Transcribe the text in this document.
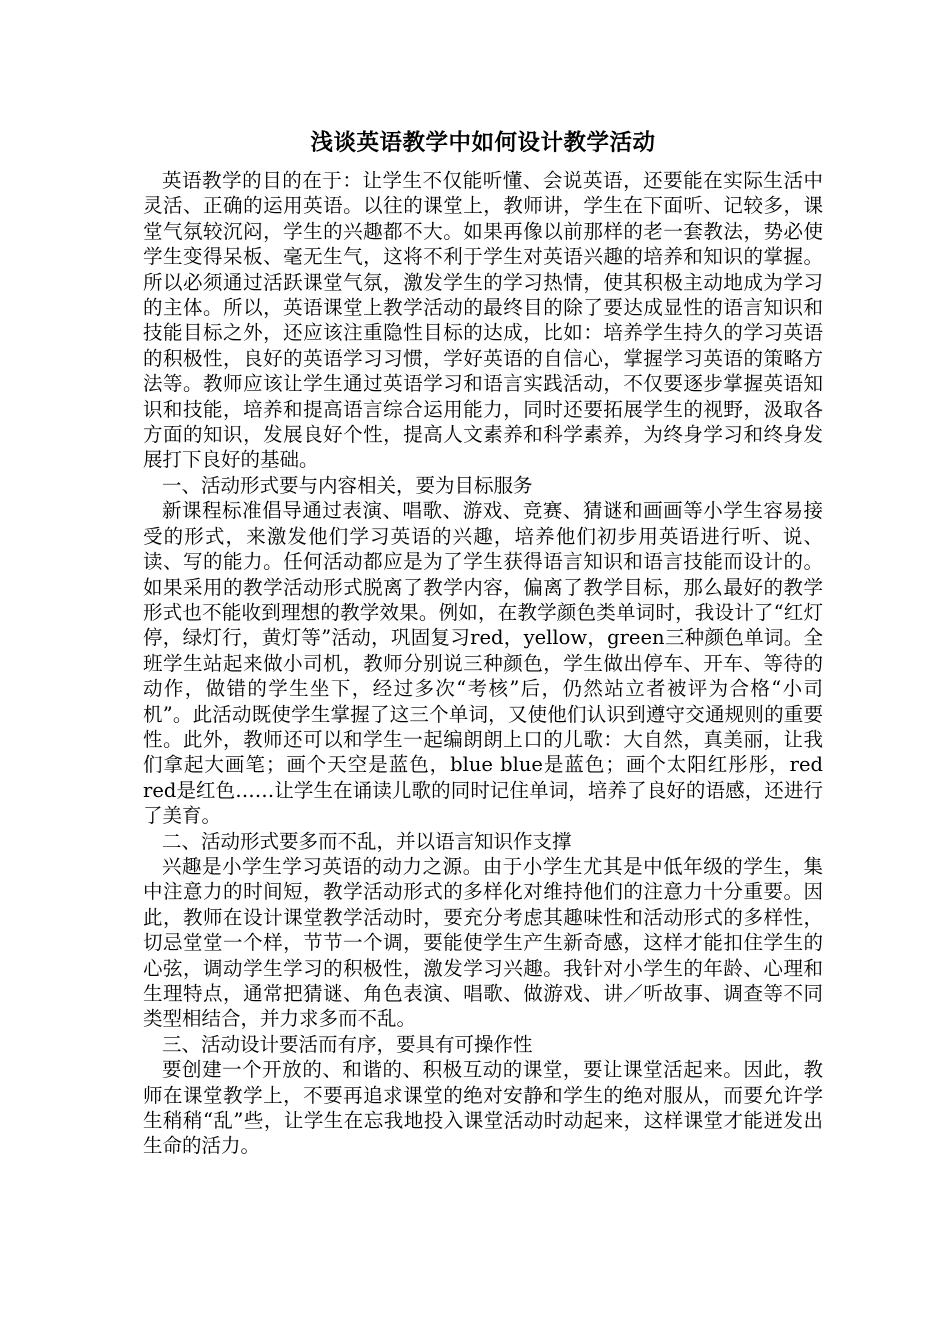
浅谈英语教学中如何设计教学活动

英语教学的目的在于：让学生不仅能听懂、会说英语，还要能在实际生活中灵活、正确的运用英语。以往的课堂上，教师讲，学生在下面听、记较多，课堂气氛较沉闷，学生的兴趣都不大。如果再像以前那样的老一套教法，势必使学生变得呆板、毫无生气，这将不利于学生对英语兴趣的培养和知识的掌握。所以必须通过活跃课堂气氛，激发学生的学习热情，使其积极主动地成为学习的主体。所以，英语课堂上教学活动的最终目的除了要达成显性的语言知识和技能目标之外，还应该注重隐性目标的达成，比如：培养学生持久的学习英语的积极性，良好的英语学习习惯，学好英语的自信心，掌握学习英语的策略方法等。教师应该让学生通过英语学习和语言实践活动，不仅要逐步掌握英语知识和技能，培养和提高语言综合运用能力，同时还要拓展学生的视野，汲取各方面的知识，发展良好个性，提高人文素养和科学素养，为终身学习和终身发展打下良好的基础。

一、活动形式要与内容相关，要为目标服务

新课程标准倡导通过表演、唱歌、游戏、竞赛、猜谜和画画等小学生容易接受的形式，来激发他们学习英语的兴趣，培养他们初步用英语进行听、说、读、写的能力。任何活动都应是为了学生获得语言知识和语言技能而设计的。如果采用的教学活动形式脱离了教学内容，偏离了教学目标，那么最好的教学形式也不能收到理想的教学效果。例如，在教学颜色类单词时，我设计了“红灯停，绿灯行，黄灯等”活动，巩固复习red，yellow，green三种颜色单词。全班学生站起来做小司机，教师分别说三种颜色，学生做出停车、开车、等待的动作，做错的学生坐下，经过多次“考核”后，仍然站立者被评为合格“小司机”。此活动既使学生掌握了这三个单词，又使他们认识到遵守交通规则的重要性。此外，教师还可以和学生一起编朗朗上口的儿歌：大自然，真美丽，让我们拿起大画笔；画个天空是蓝色，blue blue是蓝色；画个太阳红彤彤，red red是红色……让学生在诵读儿歌的同时记住单词，培养了良好的语感，还进行了美育。

二、活动形式要多而不乱，并以语言知识作支撑

兴趣是小学生学习英语的动力之源。由于小学生尤其是中低年级的学生，集中注意力的时间短，教学活动形式的多样化对维持他们的注意力十分重要。因此，教师在设计课堂教学活动时，要充分考虑其趣味性和活动形式的多样性，切忌堂堂一个样，节节一个调，要能使学生产生新奇感，这样才能扣住学生的心弦，调动学生学习的积极性，激发学习兴趣。我针对小学生的年龄、心理和生理特点，通常把猜谜、角色表演、唱歌、做游戏、讲／听故事、调查等不同类型相结合，并力求多而不乱。

三、活动设计要活而有序，要具有可操作性

要创建一个开放的、和谐的、积极互动的课堂，要让课堂活起来。因此，教师在课堂教学上，不要再追求课堂的绝对安静和学生的绝对服从，而要允许学生稍稍“乱”些，让学生在忘我地投入课堂活动时动起来，这样课堂才能迸发出生命的活力。
